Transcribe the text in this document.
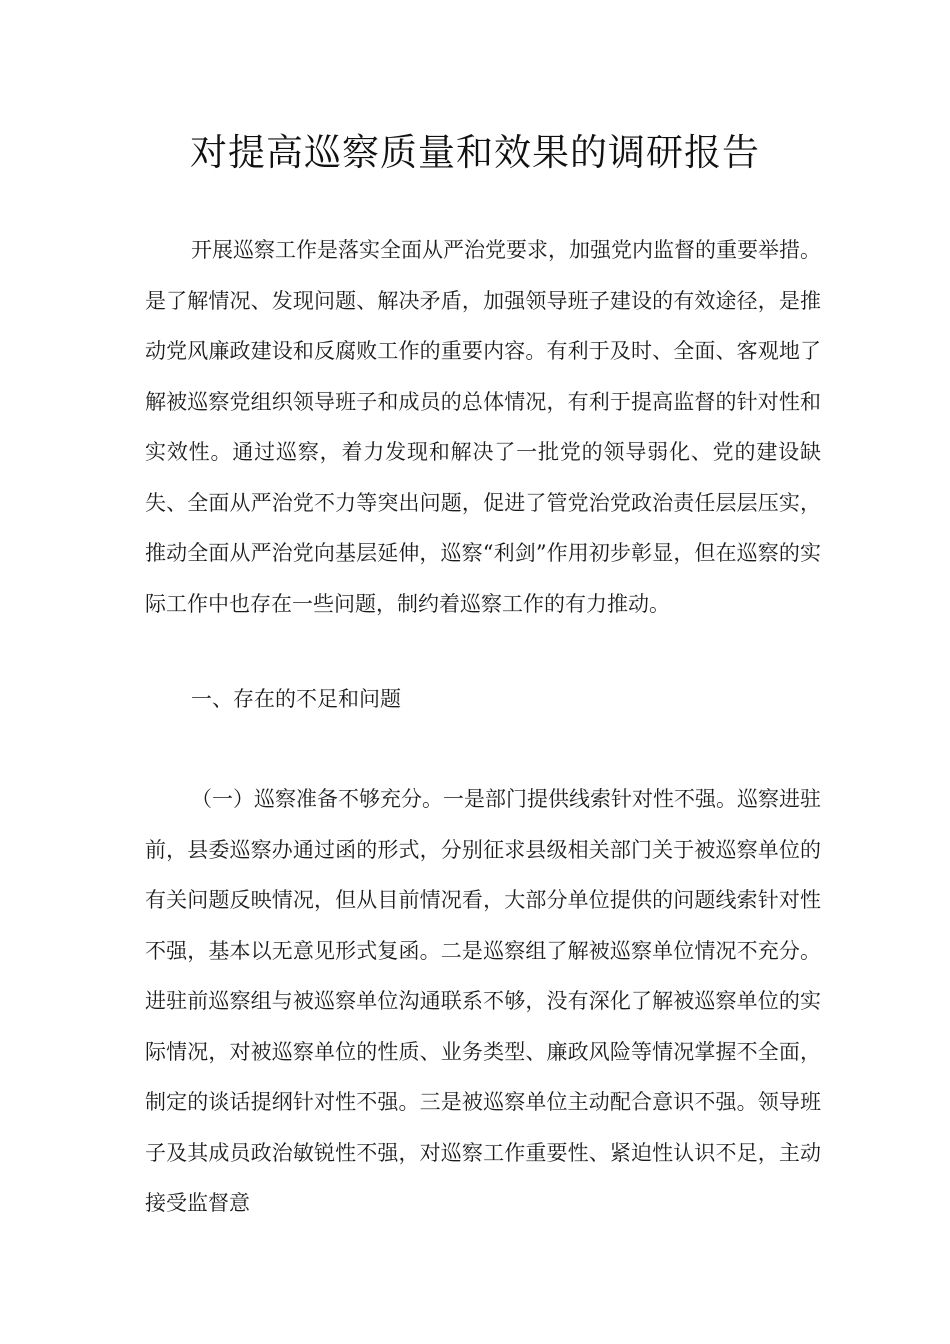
对提高巡察质量和效果的调研报告

开展巡察工作是落实全面从严治党要求，加强党内监督的重要举措。是了解情况、发现问题、解决矛盾，加强领导班子建设的有效途径，是推动党风廉政建设和反腐败工作的重要内容。有利于及时、全面、客观地了解被巡察党组织领导班子和成员的总体情况，有利于提高监督的针对性和实效性。通过巡察，着力发现和解决了一批党的领导弱化、党的建设缺失、全面从严治党不力等突出问题，促进了管党治党政治责任层层压实，推动全面从严治党向基层延伸，巡察“利剑”作用初步彰显，但在巡察的实际工作中也存在一些问题，制约着巡察工作的有力推动。

一、存在的不足和问题

（一）巡察准备不够充分。一是部门提供线索针对性不强。巡察进驻前，县委巡察办通过函的形式，分别征求县级相关部门关于被巡察单位的有关问题反映情况，但从目前情况看，大部分单位提供的问题线索针对性不强，基本以无意见形式复函。二是巡察组了解被巡察单位情况不充分。进驻前巡察组与被巡察单位沟通联系不够，没有深化了解被巡察单位的实际情况，对被巡察单位的性质、业务类型、廉政风险等情况掌握不全面，制定的谈话提纲针对性不强。三是被巡察单位主动配合意识不强。领导班子及其成员政治敏锐性不强，对巡察工作重要性、紧迫性认识不足，主动接受监督意
